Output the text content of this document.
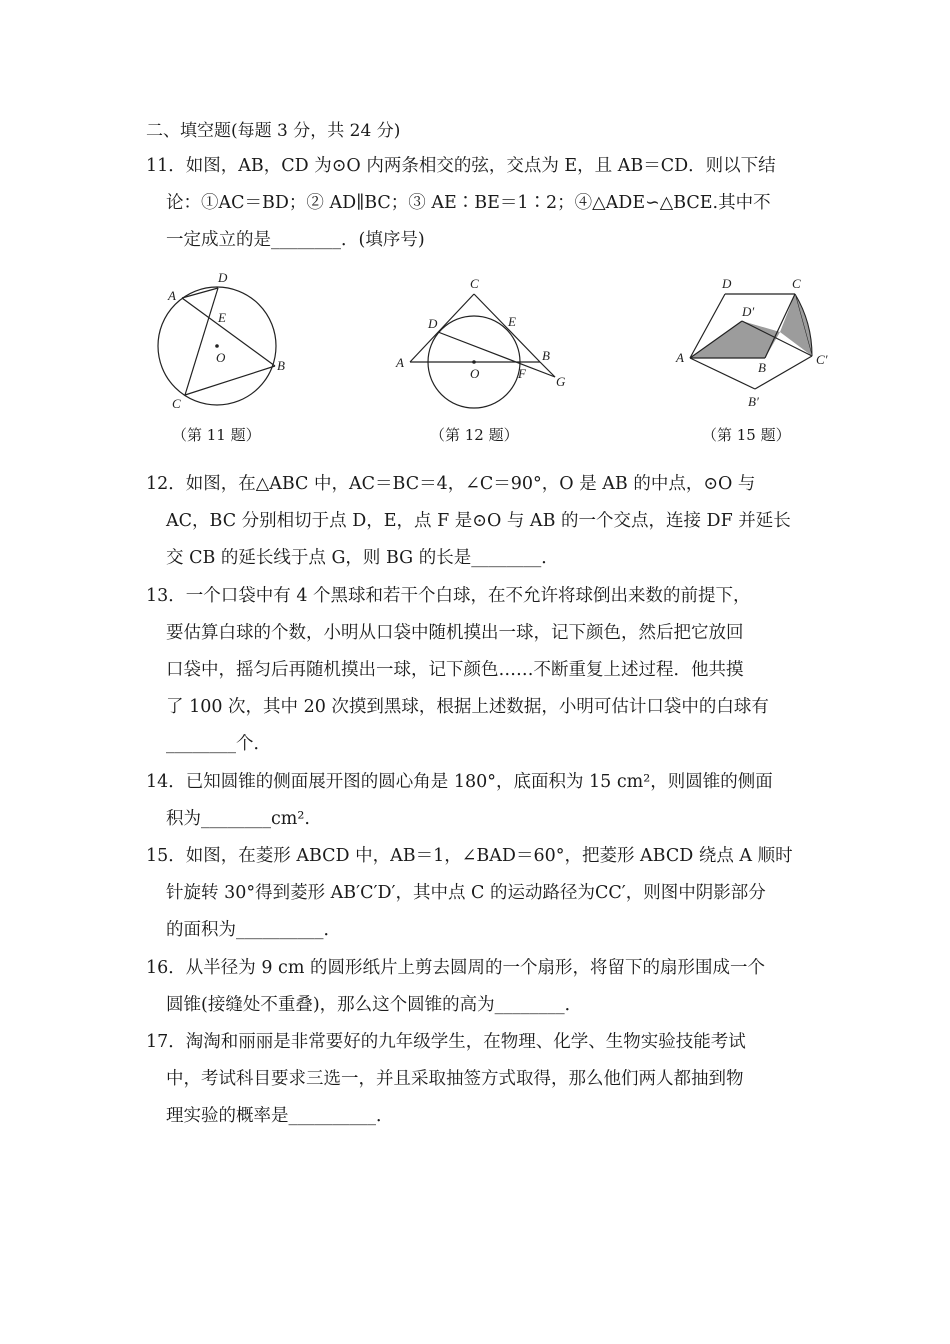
二、填空题(每题 3 分，共 24 分)
11．如图，AB，CD 为⊙O 内两条相交的弦，交点为 E，且 AB＝CD．则以下结
论：①AC＝BD；② AD∥BC；③ AE∶BE＝1∶2；④△ADE∽△BCE.其中不
一定成立的是________．(填序号)
A
D
E
O
B
C
（第 11 题）
C
D	E
A
O	F
B
G
（第 12 题）
D	C
D′
A
B
C′
B′
（第 15 题）
12．如图，在△ABC 中，AC＝BC＝4，∠C＝90°，O 是 AB 的中点，⊙O 与
AC，BC 分别相切于点 D，E，点 F 是⊙O 与 AB 的一个交点，连接 DF 并延长
交 CB 的延长线于点 G，则 BG 的长是________．
13．一个口袋中有 4 个黑球和若干个白球，在不允许将球倒出来数的前提下，
要估算白球的个数，小明从口袋中随机摸出一球，记下颜色，然后把它放回
口袋中，摇匀后再随机摸出一球，记下颜色……不断重复上述过程．他共摸
了 100 次，其中 20 次摸到黑球，根据上述数据，小明可估计口袋中的白球有
________个．
14．已知圆锥的侧面展开图的圆心角是 180°，底面积为 15 cm²，则圆锥的侧面
积为________cm².
15．如图，在菱形 ABCD 中，AB＝1，∠BAD＝60°，把菱形 ABCD 绕点 A 顺时
针旋转 30°得到菱形 AB′C′D′，其中点 C 的运动路径为CC′，则图中阴影部分
的面积为__________．
16．从半径为 9 cm 的圆形纸片上剪去圆周的一个扇形，将留下的扇形围成一个
圆锥(接缝处不重叠)，那么这个圆锥的高为________．
17．淘淘和丽丽是非常要好的九年级学生，在物理、化学、生物实验技能考试
中，考试科目要求三选一，并且采取抽签方式取得，那么他们两人都抽到物
理实验的概率是__________．
